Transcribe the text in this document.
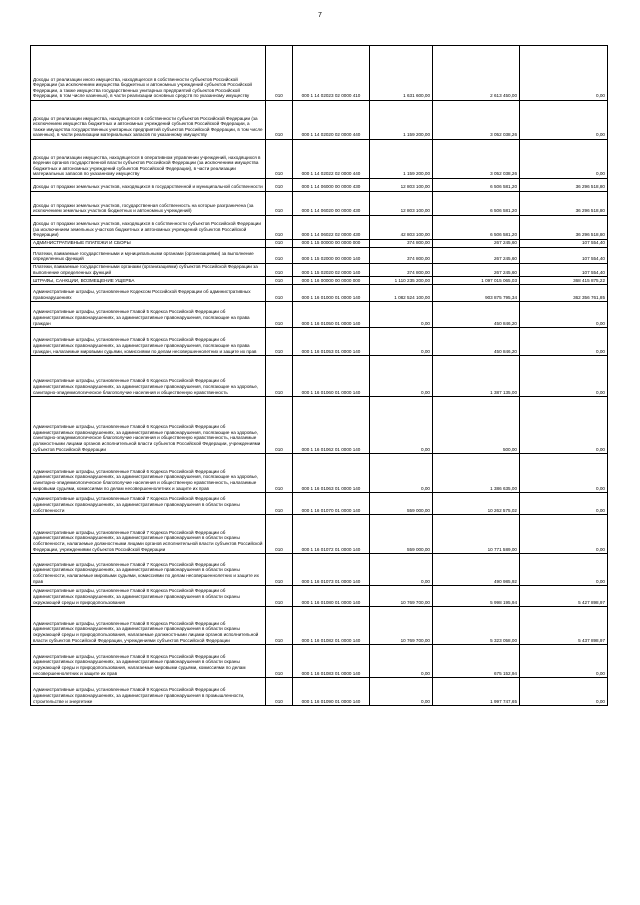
7
Доходы от реализации иного имущества, находящегося в собственности субъектов Российской Федерации (за исключением имущества бюджетных и автономных учреждений субъектов Российской Федерации, а также имущества государственных унитарных предприятий субъектов Российской Федерации, в том числе казенных), в части реализации основных средств по указанному имуществу	010	000 1 14 02023 02 0000 410	1 631 600,00	2 613 450,00	0,00
Доходы от реализации имущества, находящегося в собственности субъектов Российской Федерации (за исключением имущества бюджетных и автономных учреждений субъектов Российской Федерации, а также имущества государственных унитарных предприятий субъектов Российской Федерации, в том числе казенных), в части реализации материальных запасов по указанному имуществу	010	000 1 14 02020 02 0000 440	1 159 200,00	3 052 038,26	0,00
Доходы от реализации имущества, находящегося в оперативном управлении учреждений, находящихся в ведении органов государственной власти субъектов Российской Федерации (за исключением имущества бюджетных и автономных учреждений субъектов Российской Федерации), в части реализации материальных запасов по указанному имуществу	010	000 1 14 02022 02 0000 440	1 159 200,00	3 052 038,26	0,00
Доходы от продажи земельных участков, находящихся в государственной и муниципальной собственности	010	000 1 14 06000 00 0000 430	12 803 100,00	6 506 581,20	36 296 518,80
Доходы от продажи земельных участков, государственная собственность на которые разграничена (за исключением земельных участков бюджетных и автономных учреждений)	010	000 1 14 06020 00 0000 430	12 803 100,00	6 506 581,20	36 296 518,80
Доходы от продажи земельных участков, находящихся в собственности субъектов Российской Федерации (за исключением земельных участков бюджетных и автономных учреждений субъектов Российской Федерации)	010	000 1 14 06022 02 0000 430	42 803 100,00	6 506 581,20	36 296 518,80
АДМИНИСТРАТИВНЫЕ ПЛАТЕЖИ И СБОРЫ	010	000 1 15 00000 00 0000 000	374 800,00	267 245,60	107 554,40
Платежи, взимаемые государственными и муниципальными органами (организациями) за выполнение определенных функций	010	000 1 15 02000 00 0000 140	374 800,00	267 245,60	107 554,40
Платежи, взимаемые государственными органами (организациями) субъектов Российской Федерации за выполнение определенных функций	010	000 1 15 02020 02 0000 140	374 800,00	267 245,60	107 554,40
ШТРАФЫ, САНКЦИИ, ВОЗМЕЩЕНИЕ УЩЕРБА	010	000 1 16 00000 00 0000 000	1 110 235 200,00	1 097 015 065,03	368 415 875,22
Административные штрафы, установленные Кодексом Российской Федерации об административных правонарушениях	010	000 1 16 01000 01 0000 140	1 082 524 100,00	903 875 795,34	362 356 761,85
Административные штрафы, установленные Главой 5 Кодекса Российской Федерации об административных правонарушениях, за административные правонарушения, посягающие на права граждан	010	000 1 16 01050 01 0000 140	0,00	450 846,20	0,00
Административные штрафы, установленные Главой 5 Кодекса Российской Федерации об административных правонарушениях, за административные правонарушения, посягающие на права граждан, налагаемые мировыми судьями, комиссиями по делам несовершеннолетних и защите их прав	010	000 1 16 01053 01 0000 140	0,00	450 846,20	0,00
Административные штрафы, установленные Главой 6 Кодекса Российской Федерации об административных правонарушениях, за административные правонарушения, посягающие на здоровье, санитарно-эпидемиологическое благополучие населения и общественную нравственность	010	000 1 16 01060 01 0000 140	0,00	1 387 135,00	0,00
Административные штрафы, установленные Главой 6 Кодекса Российской Федерации об административных правонарушениях, за административные правонарушения, посягающие на здоровье, санитарно-эпидемиологическое благополучие населения и общественную нравственность, налагаемые должностными лицами органов исполнительной власти субъектов Российской Федерации, учреждениями субъектов Российской Федерации	010	000 1 16 01062 01 0000 140	0,00	500,00	0,00
Административные штрафы, установленные Главой 6 Кодекса Российской Федерации об административных правонарушениях, за административные правонарушения, посягающие на здоровье, санитарно-эпидемиологическое благополучие населения и общественную нравственность, налагаемые мировыми судьями, комиссиями по делам несовершеннолетних и защите их прав	010	000 1 16 01063 01 0000 140	0,00	1 386 635,00	0,00
Административные штрафы, установленные Главой 7 Кодекса Российской Федерации об административных правонарушениях, за административные правонарушения в области охраны собственности	010	000 1 16 01070 01 0000 140	559 000,00	10 262 575,02	0,00
Административные штрафы, установленные Главой 7 Кодекса Российской Федерации об административных правонарушениях, за административные правонарушения в области охраны собственности, налагаемые должностными лицами органов исполнительной власти субъектов Российской Федерации, учреждениями субъектов Российской Федерации	010	000 1 16 01072 01 0000 140	559 000,00	10 771 589,00	0,00
Административные штрафы, установленные Главой 7 Кодекса Российской Федерации об административных правонарушениях, за административные правонарушения в области охраны собственности, налагаемые мировыми судьями, комиссиями по делам несовершеннолетних и защите их прав	010	000 1 16 01073 01 0000 140	0,00	490 985,92	0,00
Административные штрафы, установленные Главой 8 Кодекса Российской Федерации об административных правонарушениях, за административные правонарушения в области охраны окружающей среды и природопользования	010	000 1 16 01080 01 0000 140	10 769 700,00	5 998 195,94	5 427 898,97
Административные штрафы, установленные Главой 8 Кодекса Российской Федерации об административных правонарушениях, за административные правонарушения в области охраны окружающей среды и природопользования, налагаемые должностными лицами органов исполнительной власти субъектов Российской Федерации, учреждениями субъектов Российской Федерации	010	000 1 16 01082 01 0000 140	10 769 700,00	5 323 058,00	5 437 898,97
Административные штрафы, установленные Главой 8 Кодекса Российской Федерации об административных правонарушениях, за административные правонарушения в области охраны окружающей среды и природопользования, налагаемые мировыми судьями, комиссиями по делам несовершеннолетних и защите их прав	010	000 1 16 01083 01 0000 140	0,00	675 152,94	0,00
Административные штрафы, установленные Главой 9 Кодекса Российской Федерации об административных правонарушениях, за административные правонарушения в промышленности, строительстве и энергетике	010	000 1 16 01090 01 0000 140	0,00	1 997 747,65	0,00
